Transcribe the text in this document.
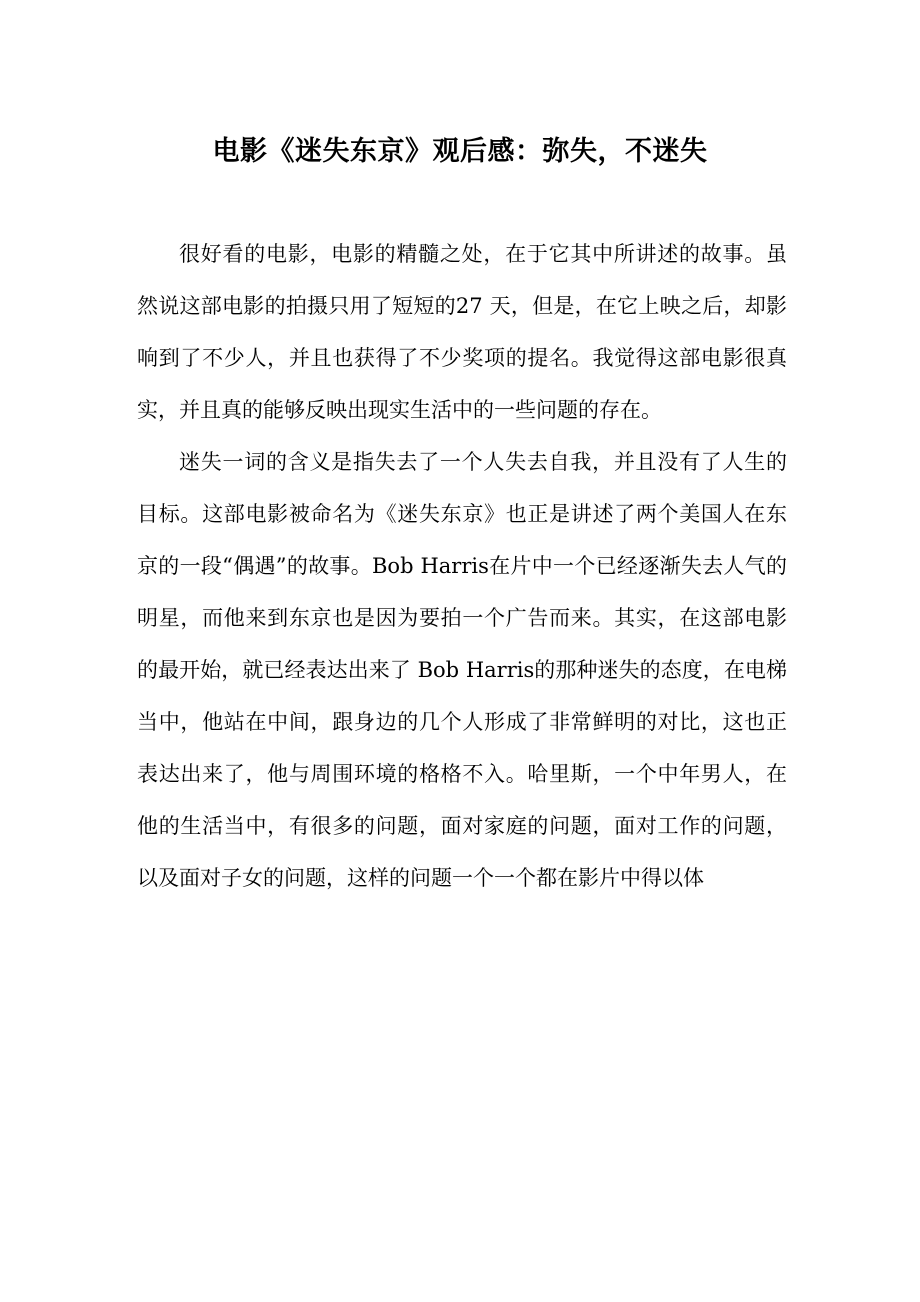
电影《迷失东京》观后感：弥失，不迷失

很好看的电影，电影的精髓之处，在于它其中所讲述的故事。虽然说这部电影的拍摄只用了短短的27 天，但是，在它上映之后，却影响到了不少人，并且也获得了不少奖项的提名。我觉得这部电影很真实，并且真的能够反映出现实生活中的一些问题的存在。

迷失一词的含义是指失去了一个人失去自我，并且没有了人生的目标。这部电影被命名为《迷失东京》也正是讲述了两个美国人在东京的一段“偶遇”的故事。Bob Harris在片中一个已经逐渐失去人气的明星，而他来到东京也是因为要拍一个广告而来。其实，在这部电影的最开始，就已经表达出来了 Bob Harris的那种迷失的态度，在电梯当中，他站在中间，跟身边的几个人形成了非常鲜明的对比，这也正表达出来了，他与周围环境的格格不入。哈里斯，一个中年男人，在他的生活当中，有很多的问题，面对家庭的问题，面对工作的问题，以及面对子女的问题，这样的问题一个一个都在影片中得以体
